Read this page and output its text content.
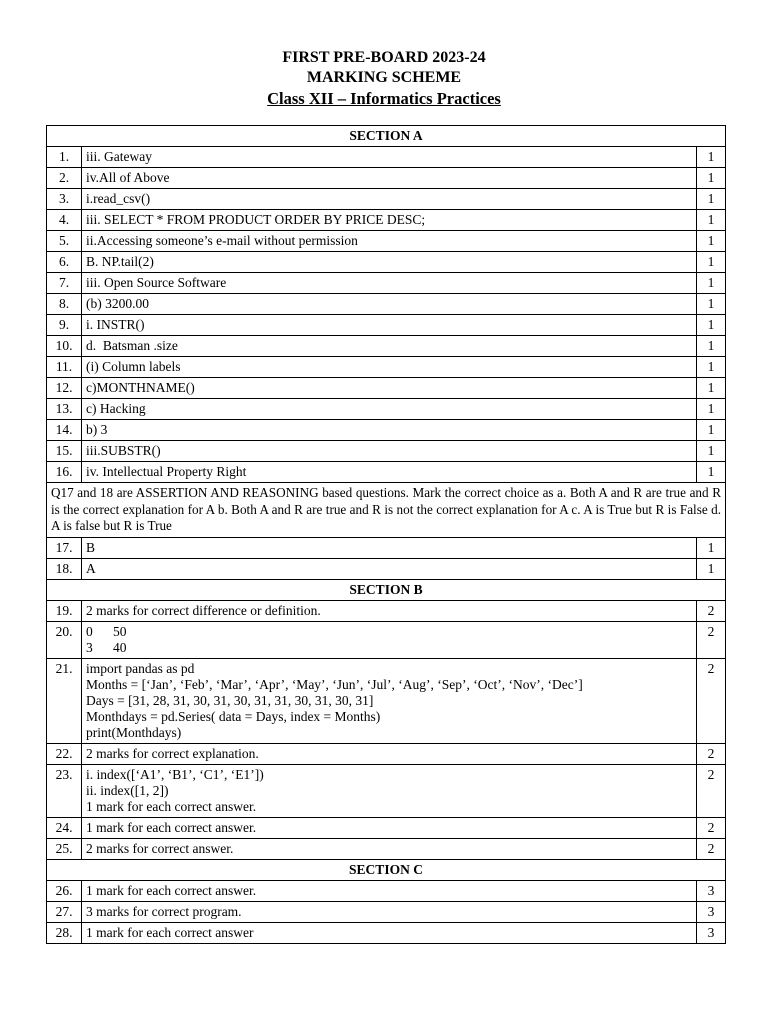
FIRST PRE-BOARD 2023-24
MARKING SCHEME
Class XII – Informatics Practices
SECTION A		
1.	iii. Gateway	1
2.	iv.All of Above	1
3.	i.read_csv()	1
4.	iii. SELECT * FROM PRODUCT ORDER BY PRICE DESC;	1
5.	ii.Accessing someone’s e-mail without permission	1
6.	B. NP.tail(2)	1
7.	iii. Open Source Software	1
8.	(b) 3200.00	1
9.	i. INSTR()	1
10.	d.  Batsman .size	1
11.	(i) Column labels	1
12.	c)MONTHNAME()	1
13.	c) Hacking	1
14.	b) 3	1
15.	iii.SUBSTR()	1
16.	iv. Intellectual Property Right	1
Q17 and 18 are ASSERTION AND REASONING based questions. Mark the correct choice as a. Both A and R are true and R is the correct explanation for A b. Both A and R are true and R is not the correct explanation for A c. A is True but R is False d. A is false but R is True		
17.	B	1
18.	A	1
SECTION B		
19.	2 marks for correct difference or definition.	2
20.	0      50
3      40	2
21.	import pandas as pd
Months = [‘Jan’, ‘Feb’, ‘Mar’, ‘Apr’, ‘May’, ‘Jun’, ‘Jul’, ‘Aug’, ‘Sep’, ‘Oct’, ‘Nov’, ‘Dec’]
Days = [31, 28, 31, 30, 31, 30, 31, 31, 30, 31, 30, 31]
Monthdays = pd.Series( data = Days, index = Months)
print(Monthdays)	2
22.	2 marks for correct explanation.	2
23.	i. index([‘A1’, ‘B1’, ‘C1’, ‘E1’])
ii. index([1, 2])
1 mark for each correct answer.	2
24.	1 mark for each correct answer.	2
25.	2 marks for correct answer.	2
SECTION C		
26.	1 mark for each correct answer.	3
27.	3 marks for correct program.	3
28.	1 mark for each correct answer	3
